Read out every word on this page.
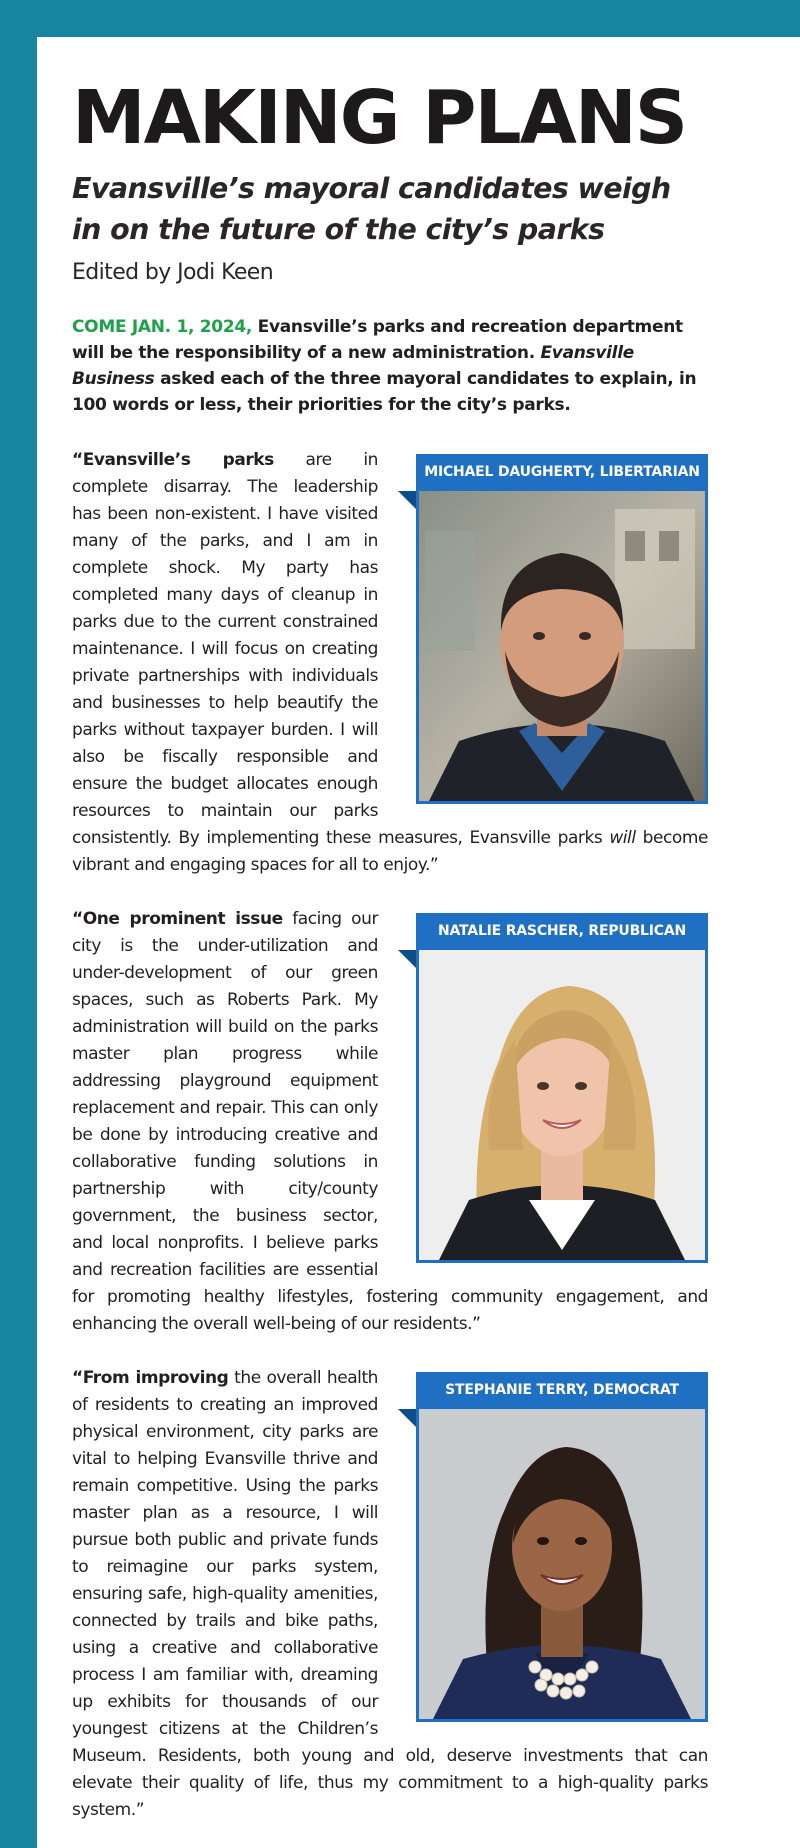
MAKING PLANS
Evansville’s mayoral candidates weigh in on the future of the city’s parks
Edited by Jodi Keen

COME JAN. 1, 2024, Evansville’s parks and recreation department will be the responsibility of a new administration. Evansville Business asked each of the three mayoral candidates to explain, in 100 words or less, their priorities for the city’s parks.

MICHAEL DAUGHERTY, LIBERTARIAN

“Evansville’s parks are in complete disarray. The leadership has been non-existent. I have visited many of the parks, and I am in complete shock. My party has completed many days of cleanup in parks due to the current constrained maintenance. I will focus on creating private partnerships with individuals and businesses to help beautify the parks without taxpayer burden. I will also be fiscally responsible and ensure the budget allocates enough resources to maintain our parks consistently. By implementing these measures, Evansville parks will become vibrant and engaging spaces for all to enjoy.”

NATALIE RASCHER, REPUBLICAN

“One prominent issue facing our city is the under-utilization and under-development of our green spaces, such as Roberts Park. My administration will build on the parks master plan progress while addressing playground equipment replacement and repair. This can only be done by introducing creative and collaborative funding solutions in partnership with city/county government, the business sector, and local nonprofits. I believe parks and recreation facilities are essential for promoting healthy lifestyles, fostering community engagement, and enhancing the overall well-being of our residents.”

STEPHANIE TERRY, DEMOCRAT

“From improving the overall health of residents to creating an improved physical environment, city parks are vital to helping Evansville thrive and remain competitive. Using the parks master plan as a resource, I will pursue both public and private funds to reimagine our parks system, ensuring safe, high-quality amenities, connected by trails and bike paths, using a creative and collaborative process I am familiar with, dreaming up exhibits for thousands of our youngest citizens at the Children’s Museum. Residents, both young and old, deserve investments that can elevate their quality of life, thus my commitment to a high-quality parks system.”
